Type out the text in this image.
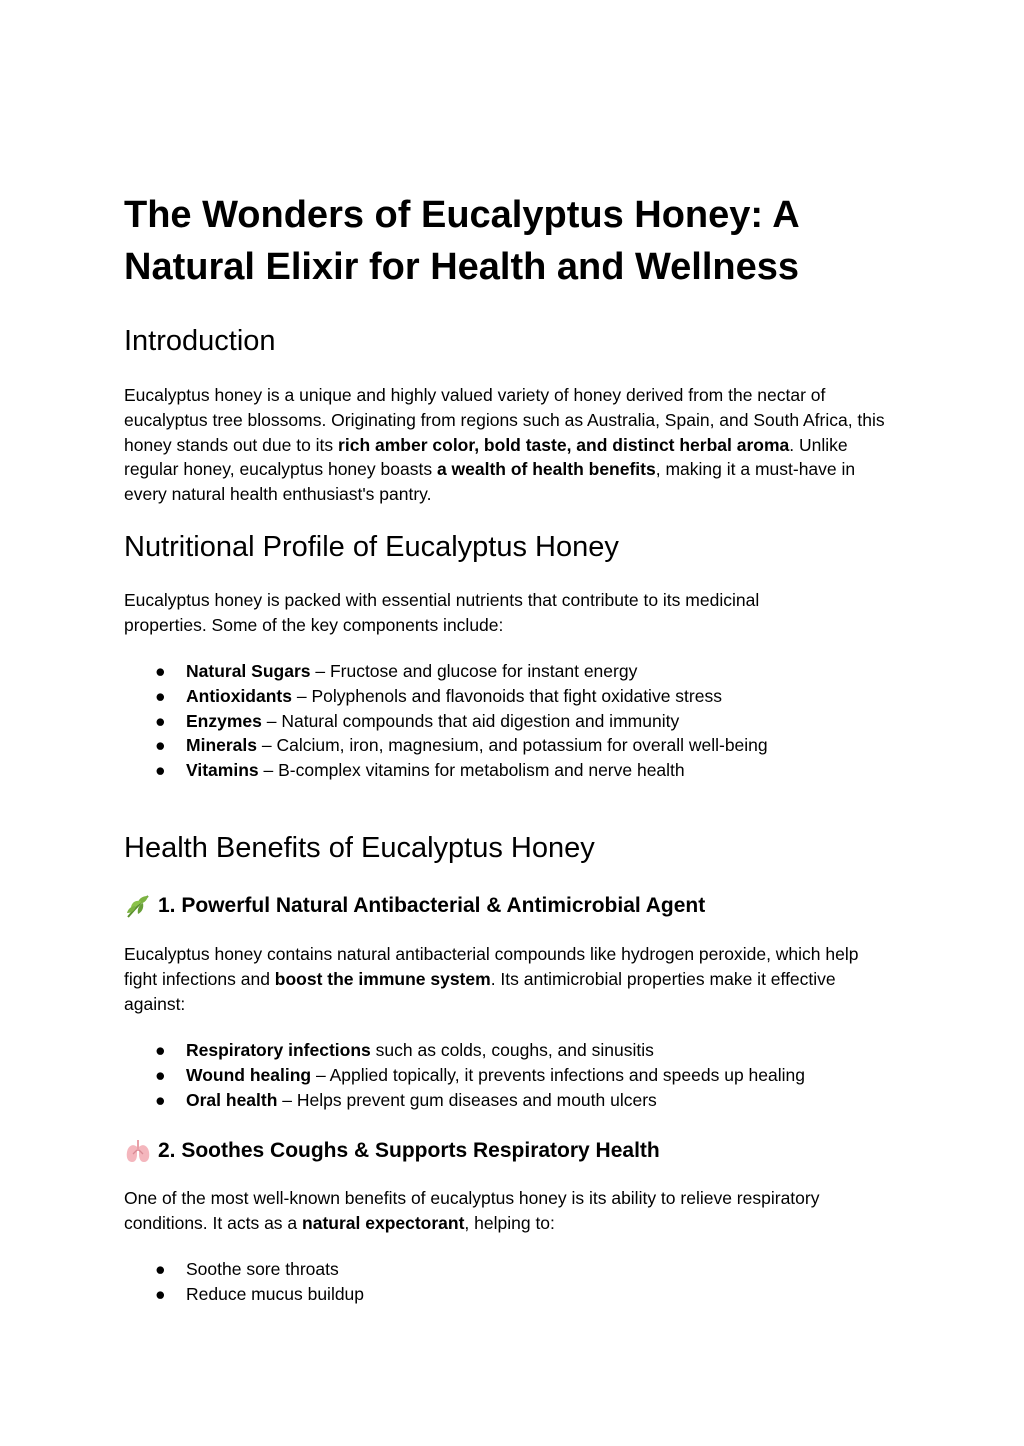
The Wonders of Eucalyptus Honey: A Natural Elixir for Health and Wellness
Introduction

Eucalyptus honey is a unique and highly valued variety of honey derived from the nectar of eucalyptus tree blossoms. Originating from regions such as Australia, Spain, and South Africa, this honey stands out due to its rich amber color, bold taste, and distinct herbal aroma. Unlike regular honey, eucalyptus honey boasts a wealth of health benefits, making it a must-have in every natural health enthusiast's pantry.

Nutritional Profile of Eucalyptus Honey

Eucalyptus honey is packed with essential nutrients that contribute to its medicinal properties. Some of the key components include:

● Natural Sugars – Fructose and glucose for instant energy
● Antioxidants – Polyphenols and flavonoids that fight oxidative stress
● Enzymes – Natural compounds that aid digestion and immunity
● Minerals – Calcium, iron, magnesium, and potassium for overall well-being
● Vitamins – B-complex vitamins for metabolism and nerve health
Health Benefits of Eucalyptus Honey
1. Powerful Natural Antibacterial & Antimicrobial Agent

Eucalyptus honey contains natural antibacterial compounds like hydrogen peroxide, which help fight infections and boost the immune system. Its antimicrobial properties make it effective against:

● Respiratory infections such as colds, coughs, and sinusitis
● Wound healing – Applied topically, it prevents infections and speeds up healing
● Oral health – Helps prevent gum diseases and mouth ulcers
2. Soothes Coughs & Supports Respiratory Health

One of the most well-known benefits of eucalyptus honey is its ability to relieve respiratory conditions. It acts as a natural expectorant, helping to:

● Soothe sore throats
● Reduce mucus buildup
